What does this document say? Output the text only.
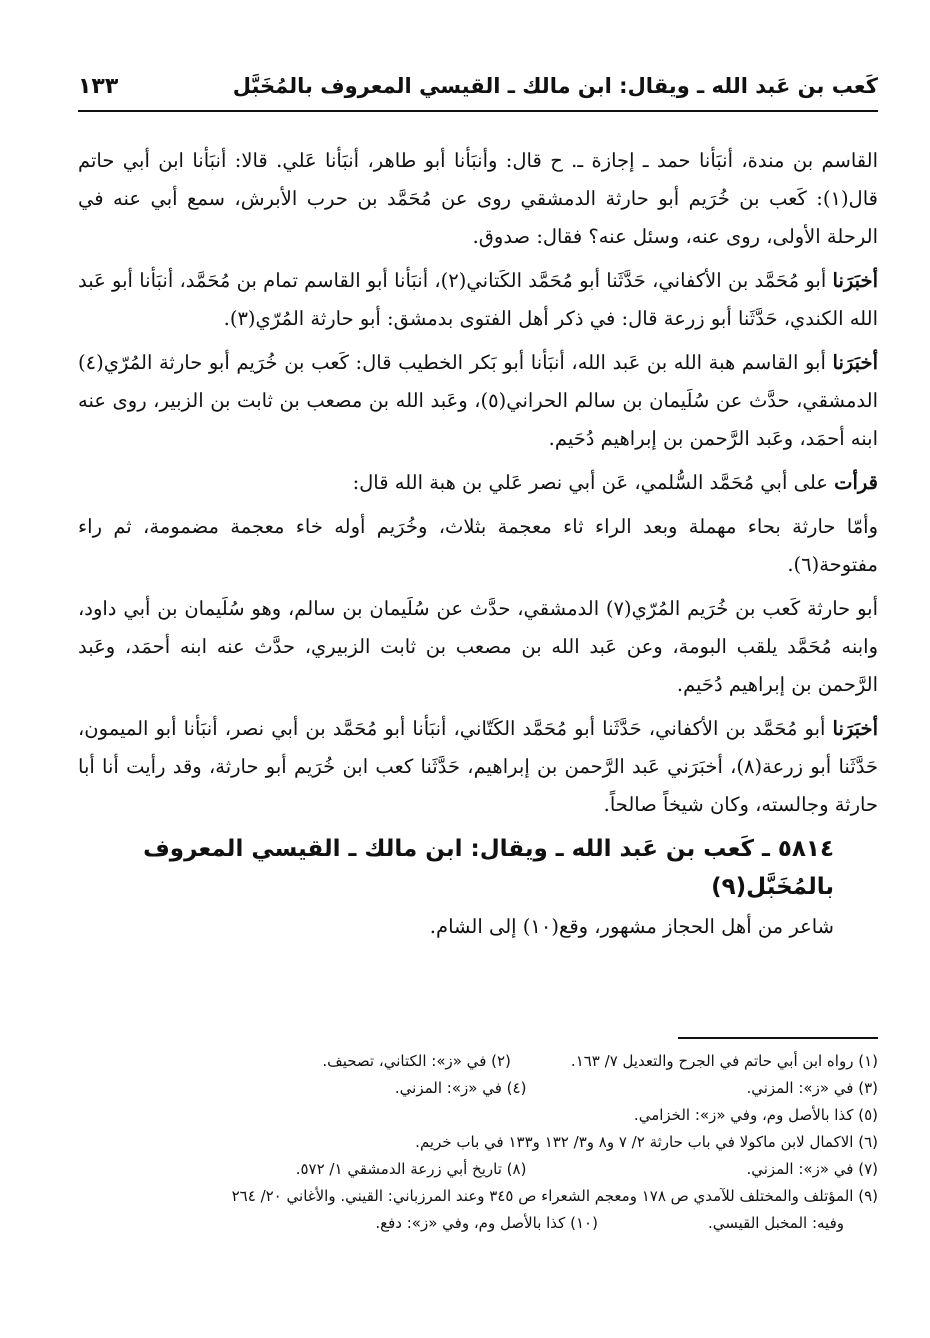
كَعب بن عَبد الله ـ ويقال: ابن مالك ـ القيسي المعروف بالمُخَبَّل
١٣٣

القاسم بن مندة، أنبَأنا حمد ـ إجازة ـ. ح قال: وأنبَأنا أبو طاهر، أنبَأنا عَلي. قالا: أنبَأنا ابن أبي حاتم قال(١): كَعب بن خُرَيم أبو حارثة الدمشقي روى عن مُحَمَّد بن حرب الأبرش، سمع أبي عنه في الرحلة الأولى، روى عنه، وسئل عنه؟ فقال: صدوق.

أخبَرَنا أبو مُحَمَّد بن الأكفاني، حَدَّثَنا أبو مُحَمَّد الكَتاني(٢)، أنبَأنا أبو القاسم تمام بن مُحَمَّد، أنبَأنا أبو عَبد الله الكندي، حَدَّثَنا أبو زرعة قال: في ذكر أهل الفتوى بدمشق: أبو حارثة المُرّي(٣).

أخبَرَنا أبو القاسم هبة الله بن عَبد الله، أنبَأنا أبو بَكر الخطيب قال: كَعب بن خُرَيم أبو حارثة المُرّي(٤) الدمشقي، حدَّث عن سُلَيمان بن سالم الحراني(٥)، وعَبد الله بن مصعب بن ثابت بن الزبير، روى عنه ابنه أحمَد، وعَبد الرَّحمن بن إبراهيم دُحَيم.

قرأت على أبي مُحَمَّد السُّلمي، عَن أبي نصر عَلي بن هبة الله قال:

وأمّا حارثة بحاء مهملة وبعد الراء ثاء معجمة بثلاث، وخُرَيم أوله خاء معجمة مضمومة، ثم راء مفتوحة(٦).

أبو حارثة كَعب بن خُرَيم المُرّي(٧) الدمشقي، حدَّث عن سُلَيمان بن سالم، وهو سُلَيمان بن أبي داود، وابنه مُحَمَّد يلقب البومة، وعن عَبد الله بن مصعب بن ثابت الزبيري، حدَّث عنه ابنه أحمَد، وعَبد الرَّحمن بن إبراهيم دُحَيم.

أخبَرَنا أبو مُحَمَّد بن الأكفاني، حَدَّثَنا أبو مُحَمَّد الكَتّاني، أنبَأنا أبو مُحَمَّد بن أبي نصر، أنبَأنا أبو الميمون، حَدَّثَنا أبو زرعة(٨)، أخبَرَني عَبد الرَّحمن بن إبراهيم، حَدَّثَنا كعب ابن خُرَيم أبو حارثة، وقد رأيت أنا أبا حارثة وجالسته، وكان شيخاً صالحاً.

٥٨١٤ ـ كَعب بن عَبد الله ـ ويقال: ابن مالك ـ القيسي المعروف بالمُخَبَّل(٩)

شاعر من أهل الحجاز مشهور، وقع(١٠) إلى الشام.

(١) رواه ابن أبي حاتم في الجرح والتعديل ٧/ ١٦٣.(٢) في «ز»: الكتاني، تصحيف.
(٣) في «ز»: المزني.(٤) في «ز»: المزني.
(٥) كذا بالأصل وم، وفي «ز»: الخزامي.
(٦) الاكمال لابن ماكولا في باب حارثة ٢/ ٧ و٨ و٣/ ١٣٢ و١٣٣ في باب خريم.
(٧) في «ز»: المزني.(٨) تاريخ أبي زرعة الدمشقي ١/ ٥٧٢.
(٩) المؤتلف والمختلف للآمدي ص ١٧٨ ومعجم الشعراء ص ٣٤٥ وعند المرزباني: القيني. والأغاني ٢٠/ ٢٦٤
وفيه: المخبل القيسي.(١٠) كذا بالأصل وم، وفي «ز»: دفع.
